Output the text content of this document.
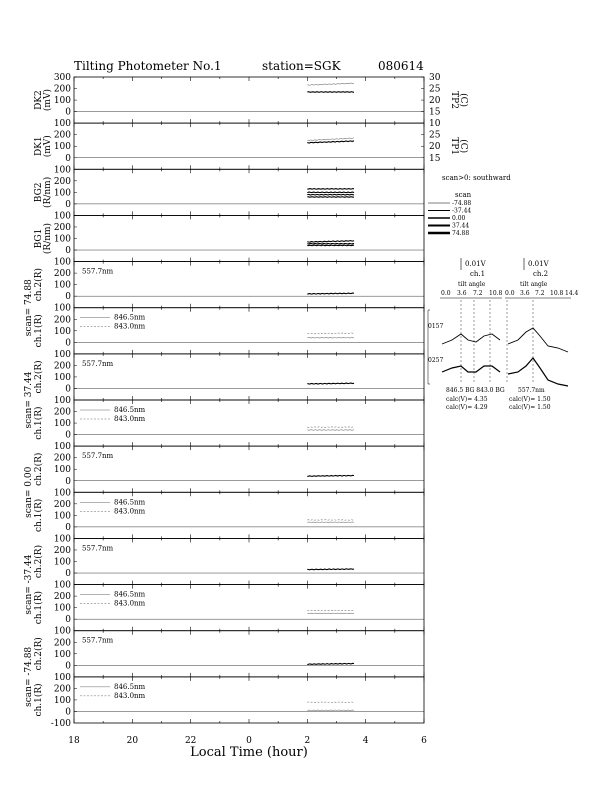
Tilting Photometer No.1	station=SGK	080614
300
200
100
0
30
25
20
15
TP2 (C)
DK2 (mV)
100
200
100
0
10
25
20
15
TP1 (C)
DK1 (mV)
100
200
100
0
BG2 (R/nm)
100
200
100
0
BG1 (R/nm)
100
200
100
0
ch.2(R)	557.7nm
100
200
100
0
ch.1(R)	846.5nm
843.0nm
100
200
100
0
ch.2(R)	557.7nm
100
200
100
0
ch.1(R)	846.5nm
843.0nm
100
200
100
0
ch.2(R)	557.7nm
100
200
100
0
ch.1(R)	846.5nm
843.0nm
100
200
100
0
ch.2(R)	557.7nm
100
200
100
0
ch.1(R)	846.5nm
843.0nm
100
200
100
0
ch.2(R)	557.7nm
100
200
100
0
ch.1(R)	846.5nm
843.0nm
scan= 74.88
scan= 37.44
scan= 0.00
scan= -37.44
scan= -74.88
-100
scan>0: southward
scan
-74.88
-37.44
0.00
37.44
74.88
0.01V
ch.1
0.01V
ch.2
tilt angle	tilt angle
0.0 3.6 7.2 10.8 0.0 3.6 7.2 10.8 14.4
0157
0257
846.5 BG 843.0 BG 557.7nm
calc(V)= 4.35
calc(V)= 4.29
calc(V)= 1.50
calc(V)= 1.50
18	20	22	0	2	4	6
Local Time (hour)
